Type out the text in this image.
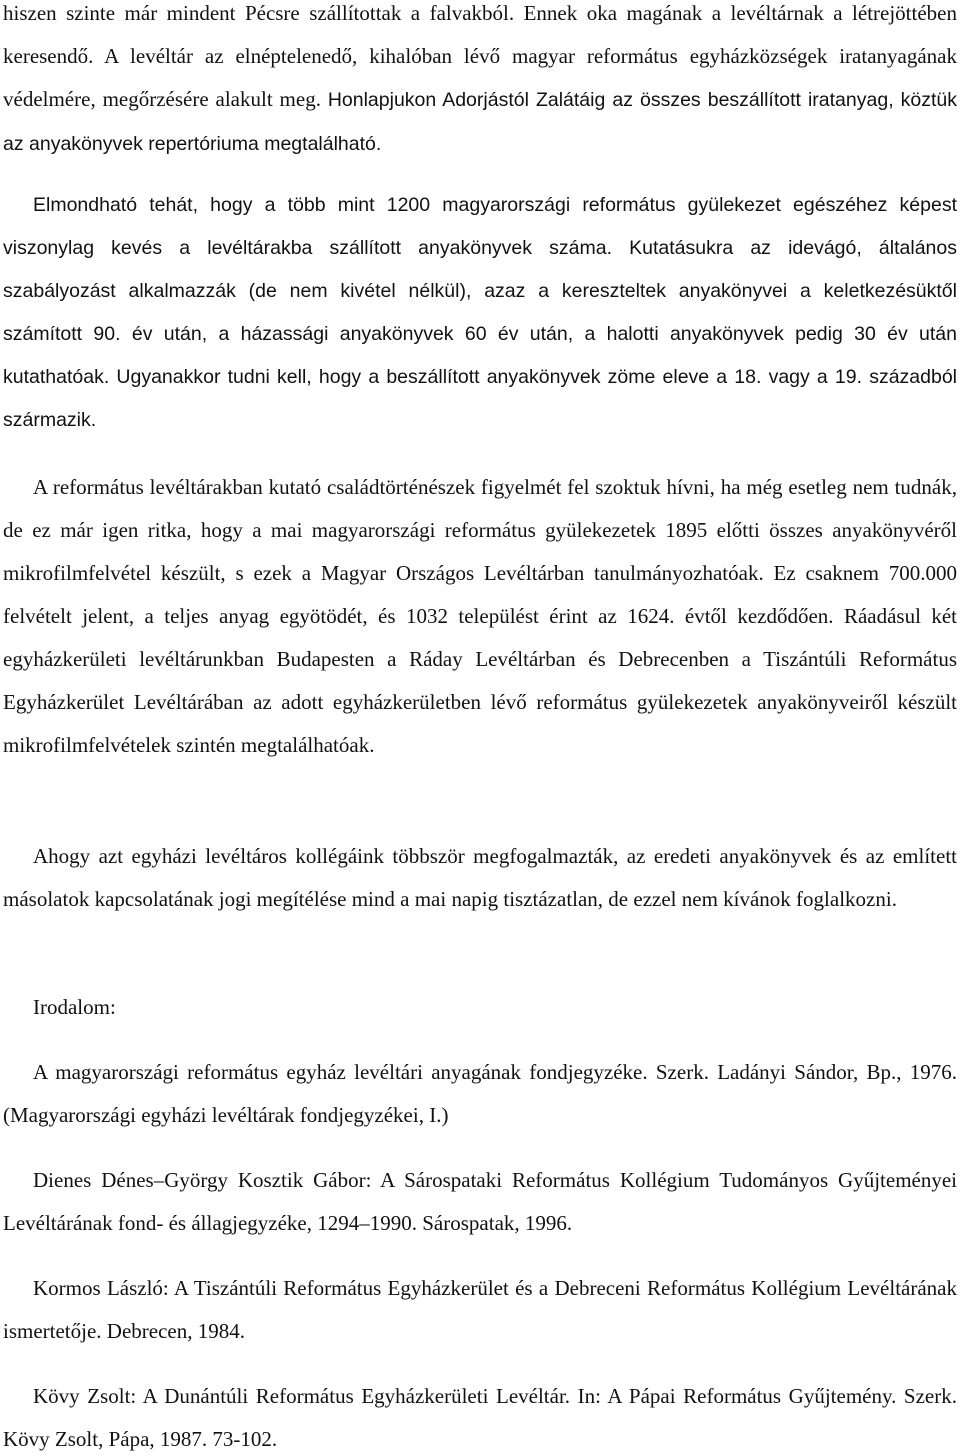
hiszen szinte már mindent Pécsre szállítottak a falvakból. Ennek oka magának a levéltárnak a létrejöttében keresendő. A levéltár az elnéptelenedő, kihalóban lévő magyar református egyházközségek iratanyagának védelmére, megőrzésére alakult meg. Honlapjukon Adorjástól Zalátáig az összes beszállított iratanyag, köztük az anyakönyvek repertóriuma megtalálható.

Elmondható tehát, hogy a több mint 1200 magyarországi református gyülekezet egészéhez képest viszonylag kevés a levéltárakba szállított anyakönyvek száma. Kutatásukra az idevágó, általános szabályozást alkalmazzák (de nem kivétel nélkül), azaz a kereszteltek anyakönyvei a keletkezésüktől számított 90. év után, a házassági anyakönyvek 60 év után, a halotti anyakönyvek pedig 30 év után kutathatóak. Ugyanakkor tudni kell, hogy a beszállított anyakönyvek zöme eleve a 18. vagy a 19. századból származik.

A református levéltárakban kutató családtörténészek figyelmét fel szoktuk hívni, ha még esetleg nem tudnák, de ez már igen ritka, hogy a mai magyarországi református gyülekezetek 1895 előtti összes anyakönyvéről mikrofilmfelvétel készült, s ezek a Magyar Országos Levéltárban tanulmányozhatóak. Ez csaknem 700.000 felvételt jelent, a teljes anyag egyötödét, és 1032 települést érint az 1624. évtől kezdődően. Ráadásul két egyházkerületi levéltárunkban Budapesten a Ráday Levéltárban és Debrecenben a Tiszántúli Református Egyházkerület Levéltárában az adott egyházkerületben lévő református gyülekezetek anyakönyveiről készült mikrofilmfelvételek szintén megtalálhatóak.

Ahogy azt egyházi levéltáros kollégáink többször megfogalmazták, az eredeti anyakönyvek és az említett másolatok kapcsolatának jogi megítélése mind a mai napig tisztázatlan, de ezzel nem kívánok foglalkozni.

Irodalom:

A magyarországi református egyház levéltári anyagának fondjegyzéke. Szerk. Ladányi Sándor, Bp., 1976. (Magyarországi egyházi levéltárak fondjegyzékei, I.)

Dienes Dénes–György Kosztik Gábor: A Sárospataki Református Kollégium Tudományos Gyűjteményei Levéltárának fond- és állagjegyzéke, 1294–1990. Sárospatak, 1996.

Kormos László: A Tiszántúli Református Egyházkerület és a Debreceni Református Kollégium Levéltárának ismertetője. Debrecen, 1984.

Kövy Zsolt: A Dunántúli Református Egyházkerületi Levéltár. In: A Pápai Református Gyűjtemény. Szerk. Kövy Zsolt, Pápa, 1987. 73-102.
